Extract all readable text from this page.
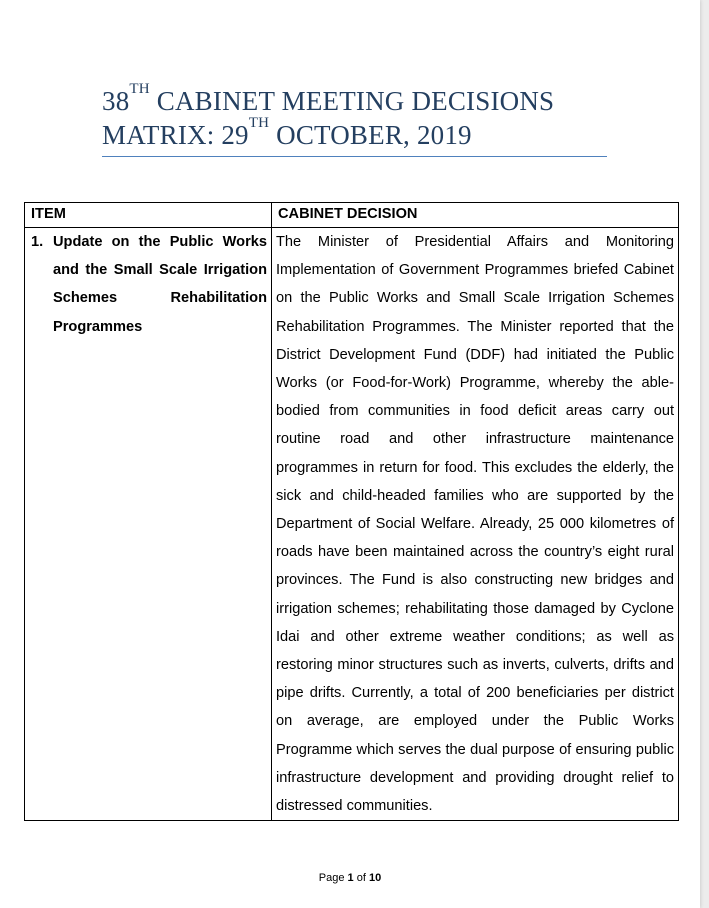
38TH CABINET MEETING DECISIONS
MATRIX: 29TH OCTOBER, 2019
ITEM	CABINET DECISION

1. Update on the Public Works and the Small Scale Irrigation Schemes Rehabilitation Programmes	The Minister of Presidential Affairs and Monitoring Implementation of Government Programmes briefed Cabinet on the Public Works and Small Scale Irrigation Schemes Rehabilitation Programmes. The Minister reported that the District Development Fund (DDF) had initiated the Public Works (or Food-for-Work) Programme, whereby the able-bodied from communities in food deficit areas carry out routine road and other infrastructure maintenance programmes in return for food. This excludes the elderly, the sick and child-headed families who are supported by the Department of Social Welfare. Already, 25 000 kilometres of roads have been maintained across the country’s eight rural provinces. The Fund is also constructing new bridges and irrigation schemes; rehabilitating those damaged by Cyclone Idai and other extreme weather conditions; as well as restoring minor structures such as inverts, culverts, drifts and pipe drifts. Currently, a total of 200 beneficiaries per district on average, are employed under the Public Works Programme which serves the dual purpose of ensuring public infrastructure development and providing drought relief to distressed communities.

Page 1 of 10
